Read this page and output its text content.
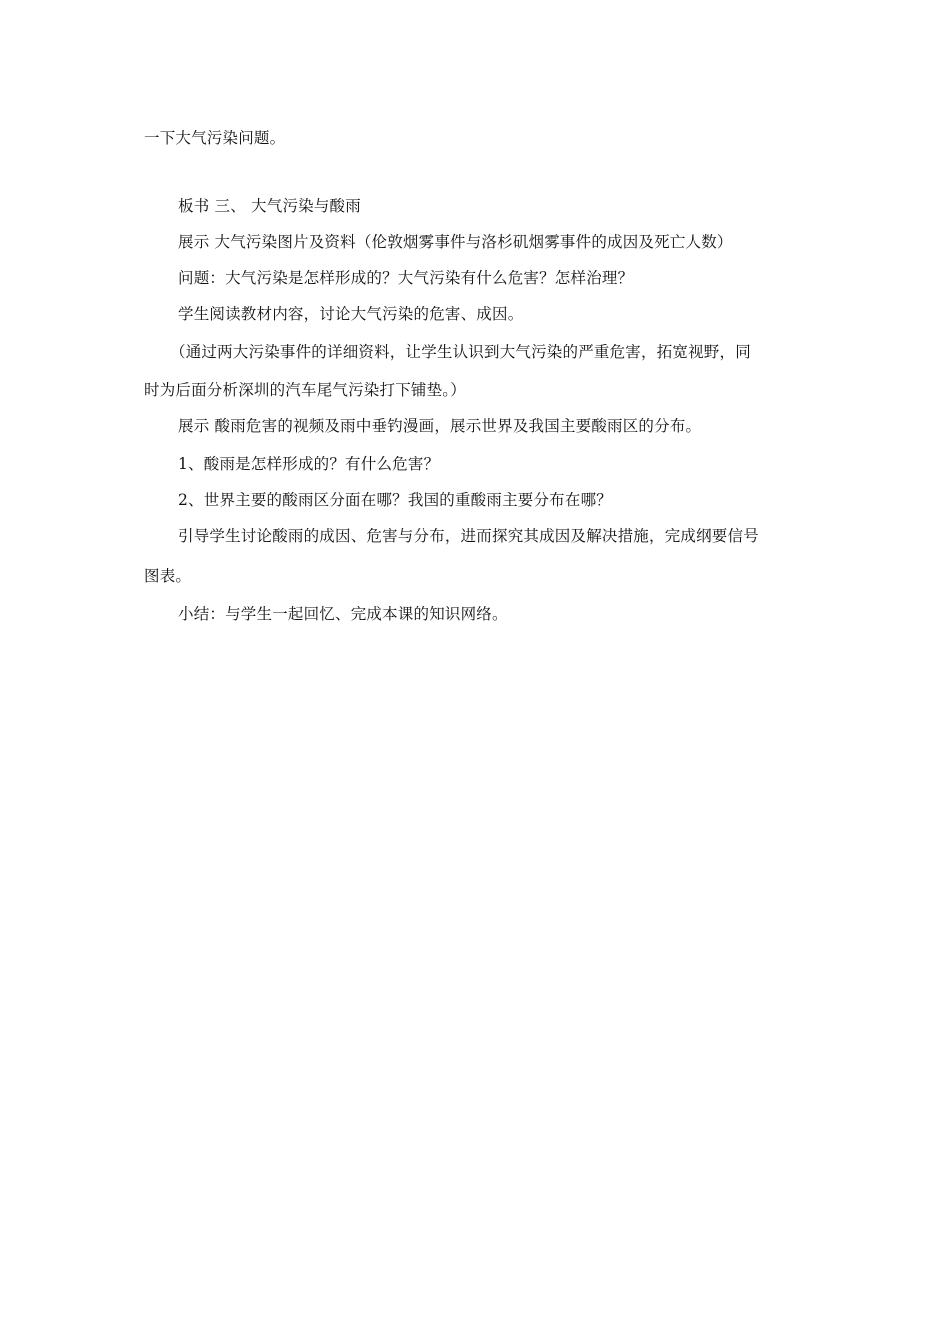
一下大气污染问题。
板书 三、 大气污染与酸雨
展示 大气污染图片及资料（伦敦烟雾事件与洛杉矶烟雾事件的成因及死亡人数）
问题：大气污染是怎样形成的？大气污染有什么危害？怎样治理？
学生阅读教材内容，讨论大气污染的危害、成因。
（通过两大污染事件的详细资料，让学生认识到大气污染的严重危害，拓宽视野，同
时为后面分析深圳的汽车尾气污染打下铺垫。）
展示 酸雨危害的视频及雨中垂钓漫画，展示世界及我国主要酸雨区的分布。
1、酸雨是怎样形成的？有什么危害？
2、世界主要的酸雨区分面在哪？我国的重酸雨主要分布在哪？
引导学生讨论酸雨的成因、危害与分布，进而探究其成因及解决措施，完成纲要信号
图表。
小结：与学生一起回忆、完成本课的知识网络。
